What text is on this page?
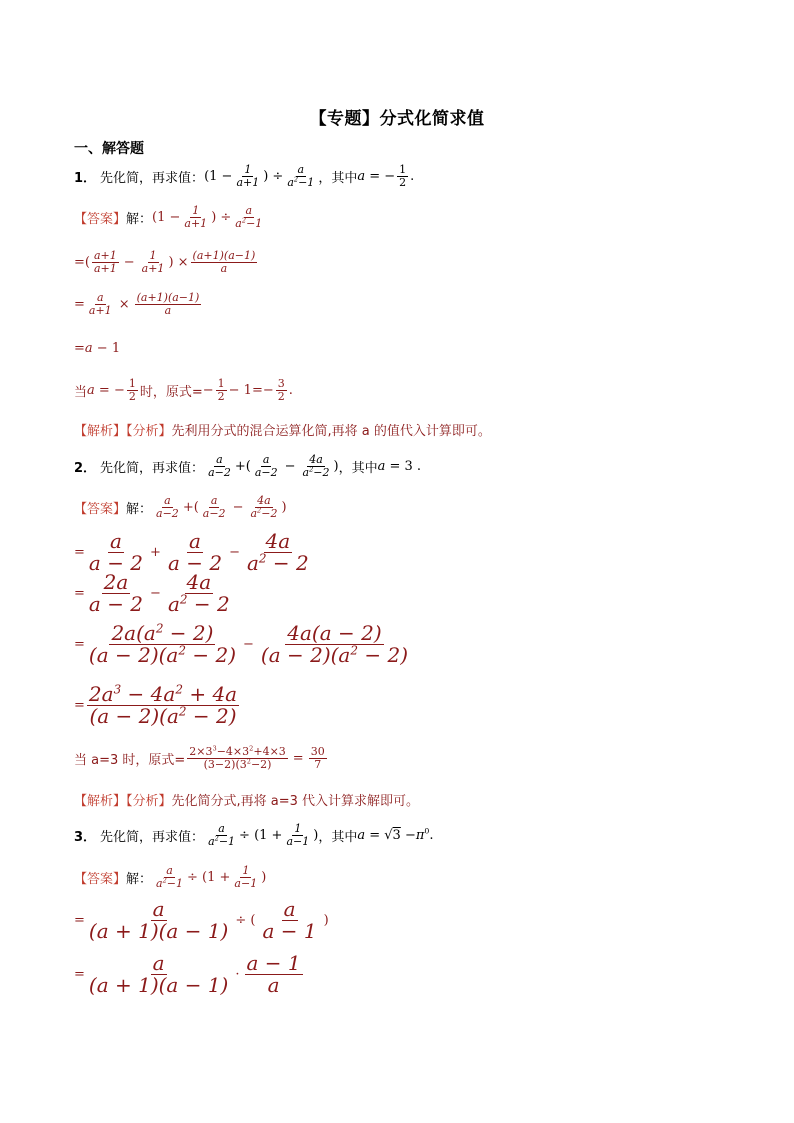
【专题】分式化简求值
一、解答题
1． 先化简，再求值： ($1 - \frac{1}{a+1}$ ) ÷ $\frac{a}{a^2-1}$ ，其中 a = − $\frac{1}{2}$ .
【答案】 解： ($1 - \frac{1}{a+1}$ ) ÷ $\frac{a}{a^2-1}$
=( $\frac{a+1}{a+1} - \frac{1}{a+1}$ ) × $\frac{(a+1)(a-1)}{a}$
= $\frac{a}{a+1} \times \frac{(a+1)(a-1)}{a}$
= a − 1
当 a = − $\frac{1}{2}$ 时，原式= − $\frac{1}{2} - 1=- \frac{3}{2}$ .
【解析】【分析】 先利用分式的混合运算化简,再将 a 的值代入计算即可。
2． 先化简，再求值： $\frac{a}{a-2}$ +( $\frac{a}{a-2} - \frac{4a}{a^2-2}$ ) ，其中 a = 3 .
【答案】 解： $\frac{a}{a-2}$ +( $\frac{a}{a-2} - \frac{4a}{a^2-2}$ )
= $\frac{a}{a - 2} + \frac{a}{a - 2} - \frac{4a}{a^2 - 2}$
= $\frac{2a}{a - 2} - \frac{4a}{a^2 - 2}$
= $\frac{2a(a^2 - 2)}{(a - 2)(a^2 - 2)} - \frac{4a(a - 2)}{(a - 2)(a^2 - 2)}$
= $\frac{2a^3 - 4a^2 + 4a}{(a - 2)(a^2 - 2)}$
当 a=3 时，原式= $\frac{2\times 3^3-4\times 3^2+4\times 3}{(3-2)(3^2-2)} = \frac{30}{7}$
【解析】【分析】 先化简分式,再将 a=3 代入计算求解即可。
3． 先化简，再求值： $\frac{a}{a^2-1} \div (1 + \frac{1}{a-1}$ ) ，其中 a = √3 − π $^0$.
【答案】 解： $\frac{a}{a^2-1} \div (1 + \frac{1}{a-1}$ )
= $\frac{a}{(a + 1)(a - 1)}$ ÷ ( $\frac{a}{a - 1}$ )
= $\frac{a}{(a + 1)(a - 1)} \cdot \frac{a - 1}{a}$
